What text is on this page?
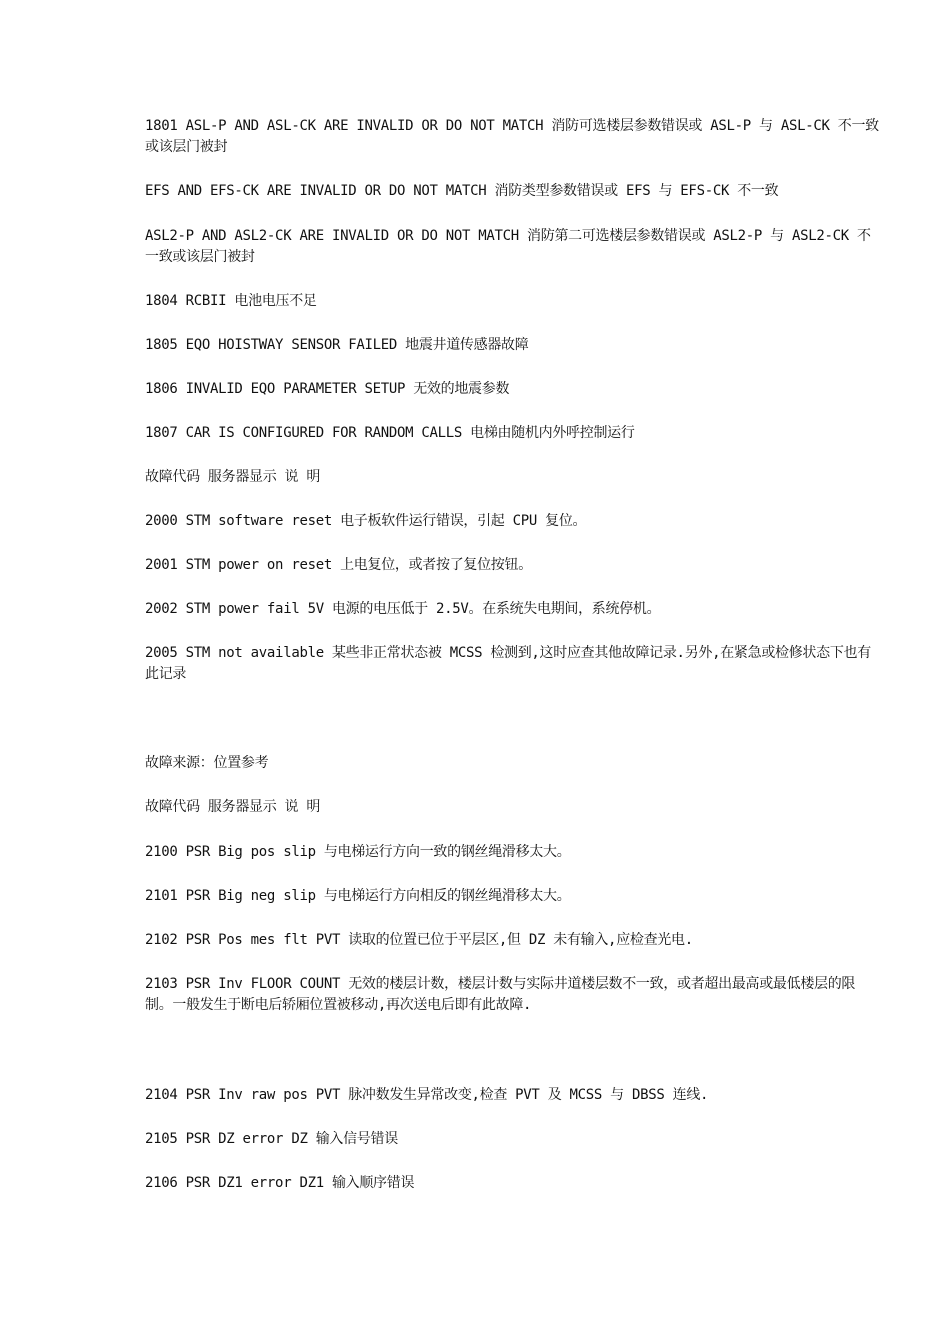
1801 ASL-P AND ASL-CK ARE INVALID OR DO NOT MATCH 消防可选楼层参数错误或 ASL-P 与 ASL-CK 不一致或该层门被封

EFS AND EFS-CK ARE INVALID OR DO NOT MATCH 消防类型参数错误或 EFS 与 EFS-CK 不一致

ASL2-P AND ASL2-CK ARE INVALID OR DO NOT MATCH 消防第二可选楼层参数错误或 ASL2-P 与 ASL2-CK 不一致或该层门被封

1804 RCBII 电池电压不足

1805 EQO HOISTWAY SENSOR FAILED 地震井道传感器故障

1806 INVALID EQO PARAMETER SETUP 无效的地震参数

1807 CAR IS CONFIGURED FOR RANDOM CALLS 电梯由随机内外呼控制运行

故障代码 服务器显示 说 明

2000 STM software reset 电子板软件运行错误，引起 CPU 复位。

2001 STM power on reset 上电复位，或者按了复位按钮。

2002 STM power fail 5V 电源的电压低于 2.5V。在系统失电期间，系统停机。

2005 STM not available 某些非正常状态被 MCSS 检测到,这时应查其他故障记录.另外,在紧急或检修状态下也有此记录

故障来源：位置参考

故障代码 服务器显示 说 明

2100 PSR Big pos slip 与电梯运行方向一致的钢丝绳滑移太大。

2101 PSR Big neg slip 与电梯运行方向相反的钢丝绳滑移太大。

2102 PSR Pos mes flt PVT 读取的位置已位于平层区,但 DZ 未有输入,应检查光电.

2103 PSR Inv FLOOR COUNT 无效的楼层计数，楼层计数与实际井道楼层数不一致，或者超出最高或最低楼层的限制。一般发生于断电后轿厢位置被移动,再次送电后即有此故障.

2104 PSR Inv raw pos PVT 脉冲数发生异常改变,检查 PVT 及 MCSS 与 DBSS 连线.

2105 PSR DZ error DZ 输入信号错误

2106 PSR DZ1 error DZ1 输入顺序错误
